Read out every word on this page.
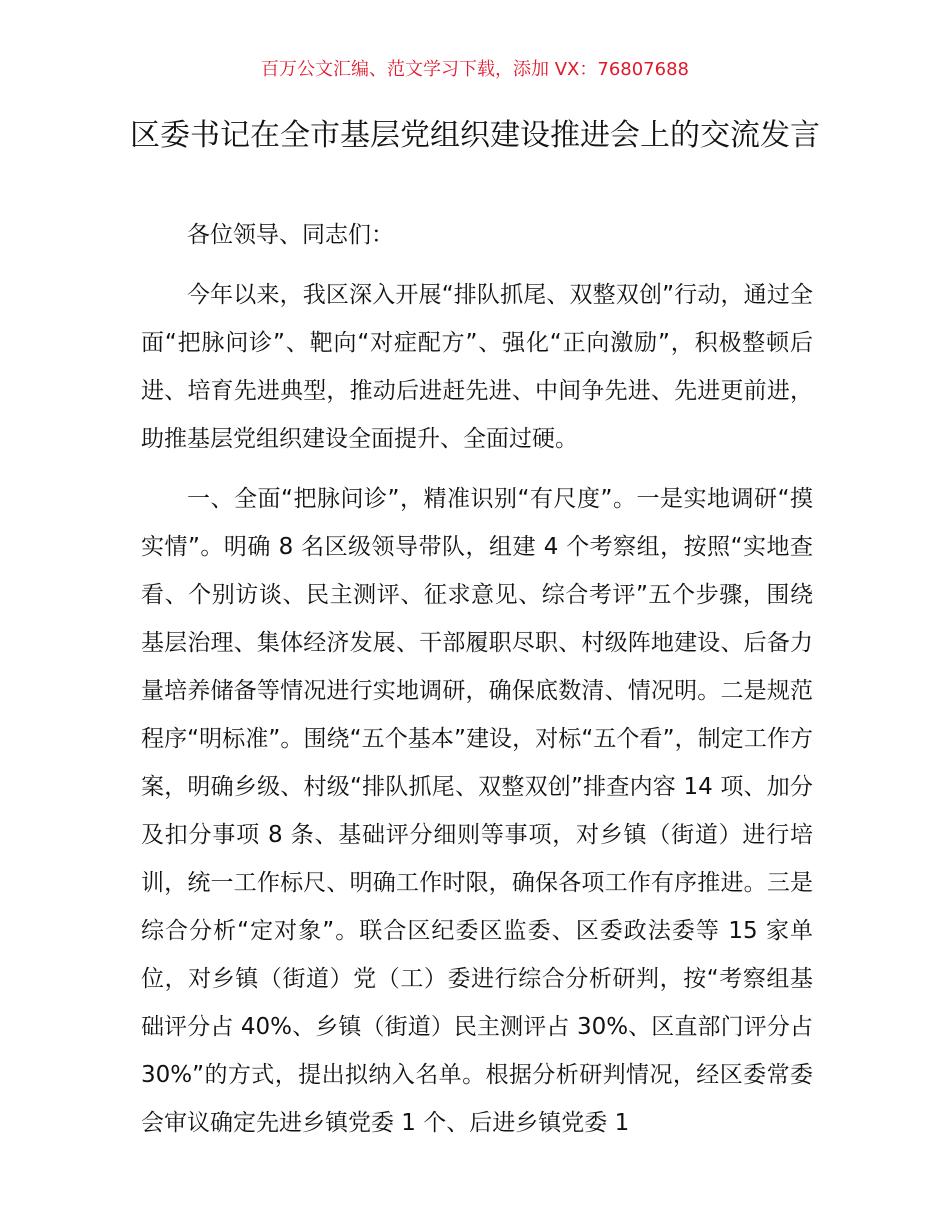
百万公文汇编、范文学习下载，添加 VX：76807688
区委书记在全市基层党组织建设推进会上的交流发言

各位领导、同志们：

今年以来，我区深入开展“排队抓尾、双整双创”行动，通过全面“把脉问诊”、靶向“对症配方”、强化“正向激励”，积极整顿后进、培育先进典型，推动后进赶先进、中间争先进、先进更前进，助推基层党组织建设全面提升、全面过硬。

一、全面“把脉问诊”，精准识别“有尺度”。一是实地调研“摸实情”。明确 8 名区级领导带队，组建 4 个考察组，按照“实地查看、个别访谈、民主测评、征求意见、综合考评”五个步骤，围绕基层治理、集体经济发展、干部履职尽职、村级阵地建设、后备力量培养储备等情况进行实地调研，确保底数清、情况明。二是规范程序“明标准”。围绕“五个基本”建设，对标“五个看”，制定工作方案，明确乡级、村级“排队抓尾、双整双创”排查内容 14 项、加分及扣分事项 8 条、基础评分细则等事项，对乡镇（街道）进行培训，统一工作标尺、明确工作时限，确保各项工作有序推进。三是综合分析“定对象”。联合区纪委区监委、区委政法委等 15 家单位，对乡镇（街道）党（工）委进行综合分析研判，按“考察组基础评分占 40%、乡镇（街道）民主测评占 30%、区直部门评分占 30%”的方式，提出拟纳入名单。根据分析研判情况，经区委常委会审议确定先进乡镇党委 1 个、后进乡镇党委 1
